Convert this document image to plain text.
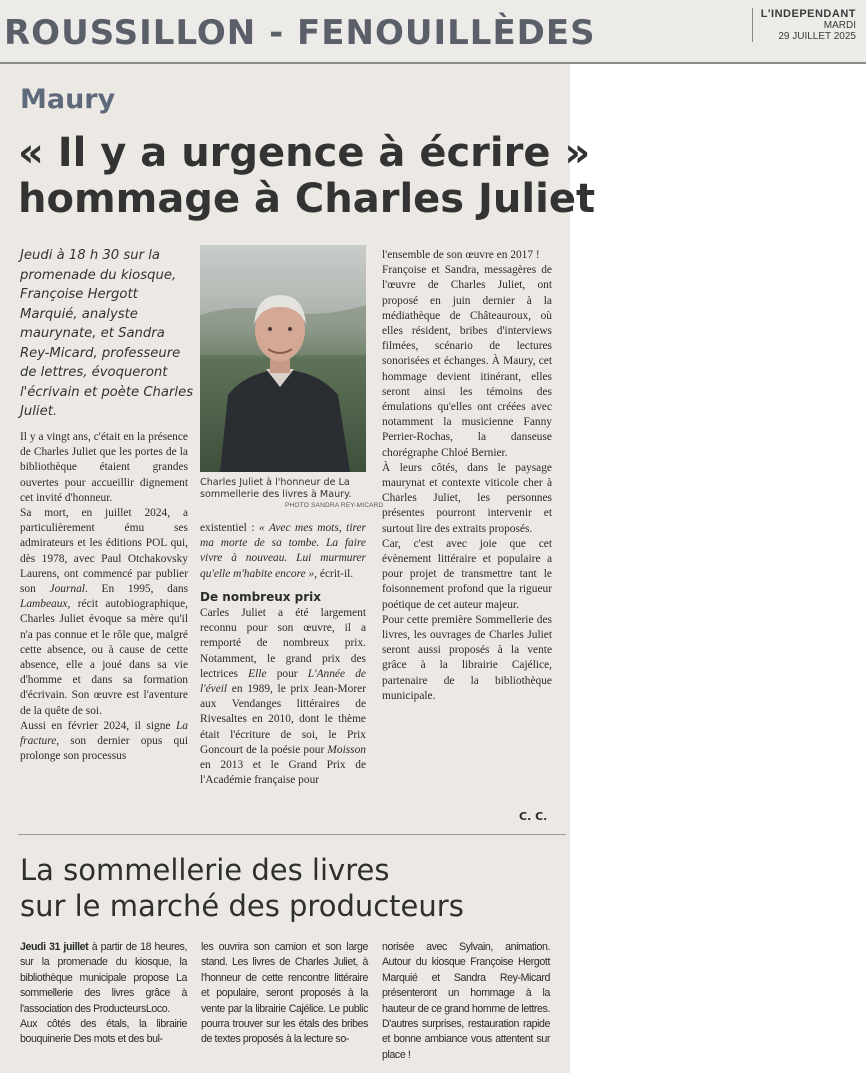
ROUSSILLON - FENOUILLÈDES	L'INDEPENDANT
MARDI
29 JUILLET 2025
Maury
« Il y a urgence à écrire »
hommage à Charles Juliet
Jeudi à 18 h 30 sur la promenade du kiosque, Françoise Hergott Marquié, analyste maurynate, et Sandra Rey-Micard, professeure de lettres, évoqueront l'écrivain et poète Charles Juliet.
Charles Juliet à l'honneur de La sommellerie des livres à Maury.
PHOTO SANDRA REY-MICARD

Il y a vingt ans, c'était en la présence de Charles Juliet que les portes de la bibliothèque étaient grandes ouvertes pour accueillir dignement cet invité d'honneur.

Sa mort, en juillet 2024, a particulièrement ému ses admirateurs et les éditions POL qui, dès 1978, avec Paul Otchakovsky Laurens, ont commencé par publier son Journal. En 1995, dans Lambeaux, récit autobiographique, Charles Juliet évoque sa mère qu'il n'a pas connue et le rôle que, malgré cette absence, ou à cause de cette absence, elle a joué dans sa vie d'homme et dans sa formation d'écrivain. Son œuvre est l'aventure de la quête de soi.

Aussi en février 2024, il signe La fracture, son dernier opus qui prolonge son processus

existentiel : « Avec mes mots, tirer ma morte de sa tombe. La faire vivre à nouveau. Lui murmurer qu'elle m'habite encore », écrit-il.

De nombreux prix

Carles Juliet a été largement reconnu pour son œuvre, il a remporté de nombreux prix. Notamment, le grand prix des lectrices Elle pour L'Année de l'éveil en 1989, le prix Jean-Morer aux Vendanges littéraires de Rivesaltes en 2010, dont le thème était l'écriture de soi, le Prix Goncourt de la poésie pour Moisson en 2013 et le Grand Prix de l'Académie française pour

l'ensemble de son œuvre en 2017 !

Françoise et Sandra, messagères de l'œuvre de Charles Juliet, ont proposé en juin dernier à la médiathèque de Châteauroux, où elles résident, bribes d'interviews filmées, scénario de lectures sonorisées et échanges. À Maury, cet hommage devient itinérant, elles seront ainsi les témoins des émulations qu'elles ont créées avec notamment la musicienne Fanny Perrier-Rochas, la danseuse chorégraphe Chloé Bernier.

À leurs côtés, dans le paysage maurynat et contexte viticole cher à Charles Juliet, les personnes présentes pourront intervenir et surtout lire des extraits proposés.

Car, c'est avec joie que cet évènement littéraire et populaire a pour projet de transmettre tant le foisonnement profond que la rigueur poétique de cet auteur majeur.

Pour cette première Sommellerie des livres, les ouvrages de Charles Juliet seront aussi proposés à la vente grâce à la librairie Cajélice, partenaire de la bibliothèque municipale.

C. C.
La sommellerie des livres
sur le marché des producteurs

Jeudi 31 juillet à partir de 18 heures, sur la promenade du kiosque, la bibliothèque municipale propose La sommellerie des livres grâce à l'association des ProducteursLoco.

Aux côtés des étals, la librairie bouquinerie Des mots et des bul-

les ouvrira son camion et son large stand. Les livres de Charles Juliet, à l'honneur de cette rencontre littéraire et populaire, seront proposés à la vente par la librairie Cajélice. Le public pourra trouver sur les étals des bribes de textes proposés à la lecture so-

norisée avec Sylvain, animation. Autour du kiosque Françoise Hergott Marquié et Sandra Rey-Micard présenteront un hommage à la hauteur de ce grand homme de lettres. D'autres surprises, restauration rapide et bonne ambiance vous attentent sur place !
